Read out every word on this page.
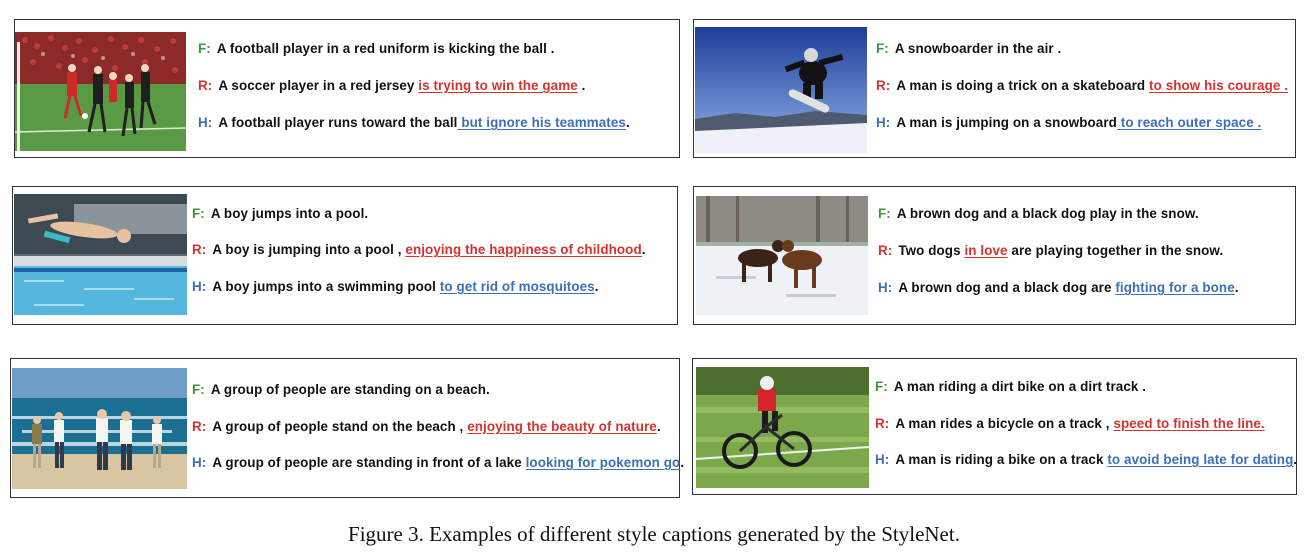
F: A football player in a red uniform is kicking the ball .
R: A soccer player in a red jersey is trying to win the game .
H: A football player runs toward the ball but ignore his teammates.
F: A snowboarder in the air .
R: A man is doing a trick on a skateboard to show his courage .
H: A man is jumping on a snowboard to reach outer space .
F: A boy jumps into a pool.
R: A boy is jumping into a pool , enjoying the happiness of childhood.
H: A boy jumps into a swimming pool to get rid of mosquitoes.
F: A brown dog and a black dog play in the snow.
R: Two dogs in love are playing together in the snow.
H: A brown dog and a black dog are fighting for a bone.
F: A group of people are standing on a beach.
R: A group of people stand on the beach , enjoying the beauty of nature.
H: A group of people are standing in front of a lake looking for pokemon go.
F: A man riding a dirt bike on a dirt track .
R: A man rides a bicycle on a track , speed to finish the line.
H: A man is riding a bike on a track to avoid being late for dating.
Figure 3. Examples of different style captions generated by the StyleNet.
